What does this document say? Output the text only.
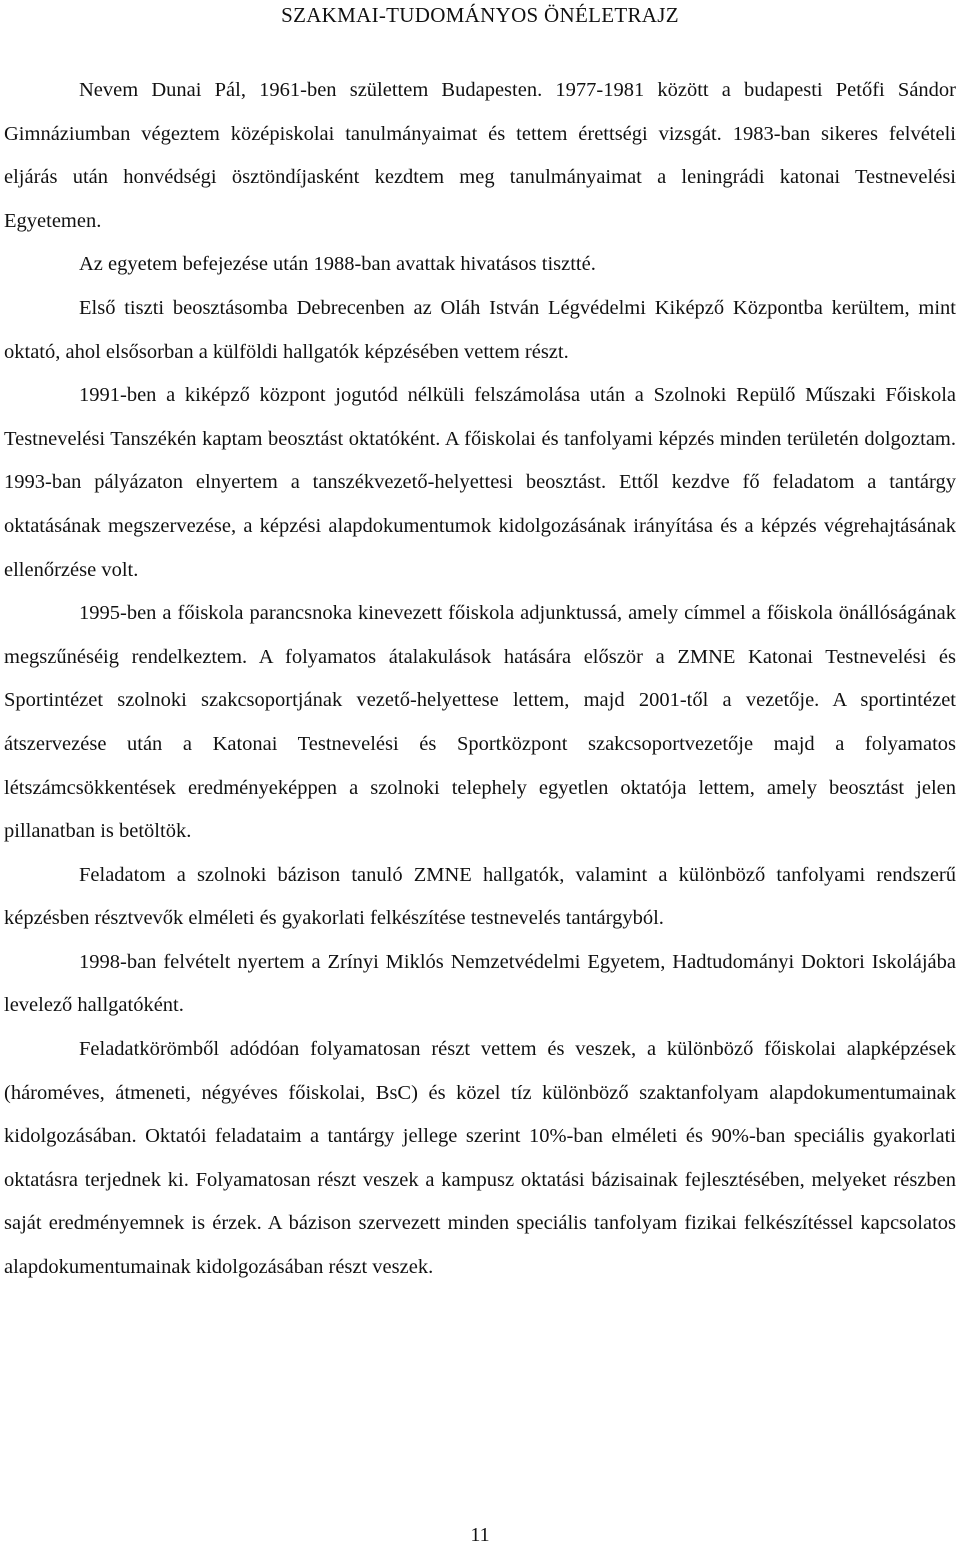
SZAKMAI-TUDOMÁNYOS ÖNÉLETRAJZ

Nevem Dunai Pál, 1961-ben születtem Budapesten. 1977-1981 között a budapesti Petőfi Sándor Gimnáziumban végeztem középiskolai tanulmányaimat és tettem érettségi vizsgát. 1983-ban sikeres felvételi eljárás után honvédségi ösztöndíjasként kezdtem meg tanulmányaimat a leningrádi katonai Testnevelési Egyetemen.

Az egyetem befejezése után 1988-ban avattak hivatásos tisztté.

Első tiszti beosztásomba Debrecenben az Oláh István Légvédelmi Kiképző Központba kerültem, mint oktató, ahol elsősorban a külföldi hallgatók képzésében vettem részt.

1991-ben a kiképző központ jogutód nélküli felszámolása után a Szolnoki Repülő Műszaki Főiskola Testnevelési Tanszékén kaptam beosztást oktatóként. A főiskolai és tanfolyami képzés minden területén dolgoztam. 1993-ban pályázaton elnyertem a tanszékvezető-helyettesi beosztást. Ettől kezdve fő feladatom a tantárgy oktatásának megszervezése, a képzési alapdokumentumok kidolgozásának irányítása és a képzés végrehajtásának ellenőrzése volt.

1995-ben a főiskola parancsnoka kinevezett főiskola adjunktussá, amely címmel a főiskola önállóságának megszűnéséig rendelkeztem. A folyamatos átalakulások hatására először a ZMNE Katonai Testnevelési és Sportintézet szolnoki szakcsoportjának vezető-helyettese lettem, majd 2001-től a vezetője. A sportintézet átszervezése után a Katonai Testnevelési és Sportközpont szakcsoportvezetője majd a folyamatos létszámcsökkentések eredményeképpen a szolnoki telephely egyetlen oktatója lettem, amely beosztást jelen pillanatban is betöltök.

Feladatom a szolnoki bázison tanuló ZMNE hallgatók, valamint a különböző tanfolyami rendszerű képzésben résztvevők elméleti és gyakorlati felkészítése testnevelés tantárgyból.

1998-ban felvételt nyertem a Zrínyi Miklós Nemzetvédelmi Egyetem, Hadtudományi Doktori Iskolájába levelező hallgatóként.

Feladatkörömből adódóan folyamatosan részt vettem és veszek, a különböző főiskolai alapképzések (hároméves, átmeneti, négyéves főiskolai, BsC) és közel tíz különböző szaktanfolyam alapdokumentumainak kidolgozásában. Oktatói feladataim a tantárgy jellege szerint 10%-ban elméleti és 90%-ban speciális gyakorlati oktatásra terjednek ki. Folyamatosan részt veszek a kampusz oktatási bázisainak fejlesztésében, melyeket részben saját eredményemnek is érzek. A bázison szervezett minden speciális tanfolyam fizikai felkészítéssel kapcsolatos alapdokumentumainak kidolgozásában részt veszek.

11
